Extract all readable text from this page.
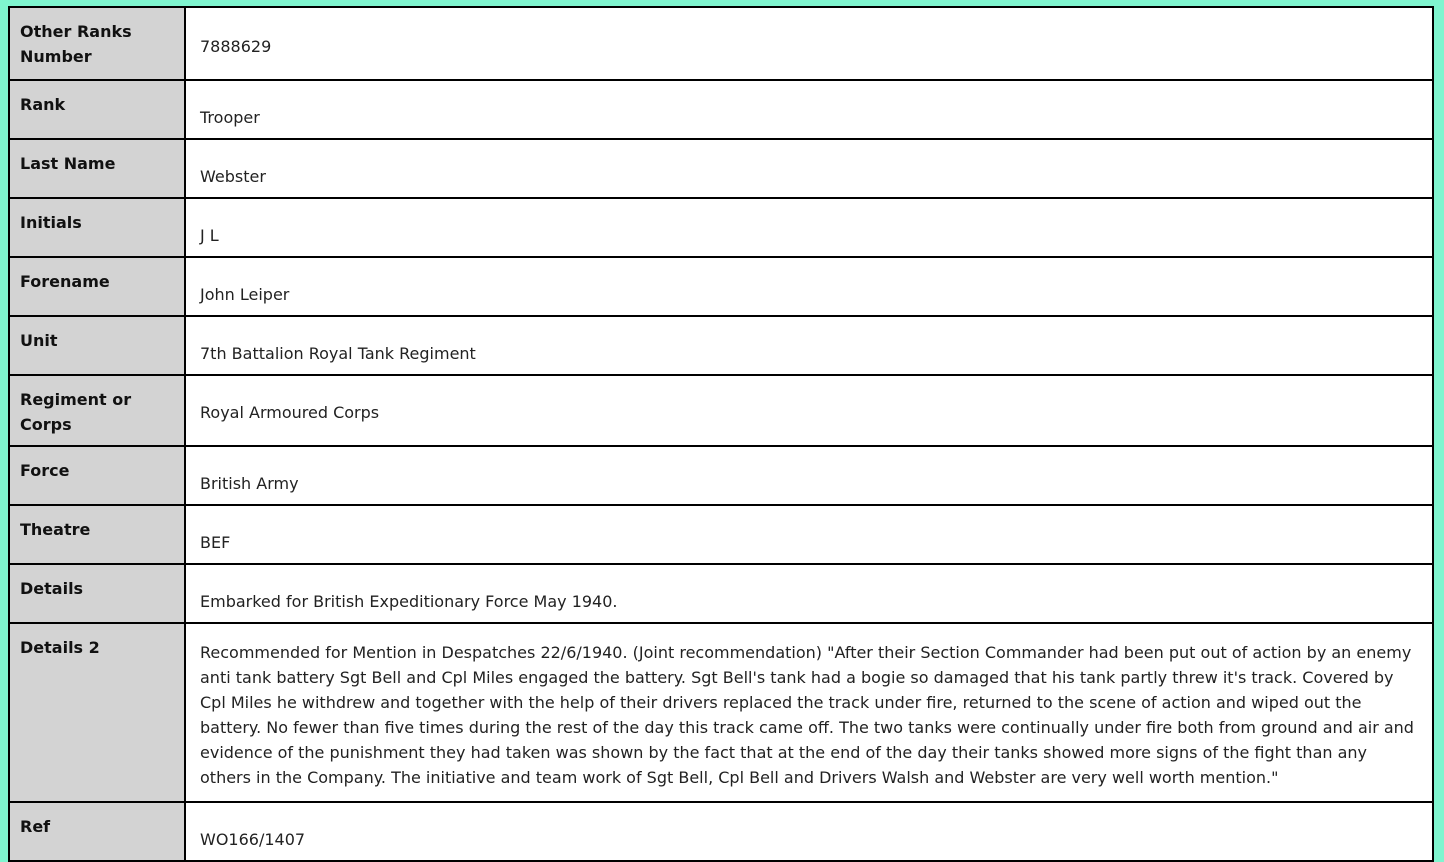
Other Ranks Number	7888629
Rank	Trooper
Last Name	Webster
Initials	J L
Forename	John Leiper
Unit	7th Battalion Royal Tank Regiment
Regiment or Corps	Royal Armoured Corps
Force	British Army
Theatre	BEF
Details	Embarked for British Expeditionary Force May 1940.
Details 2	Recommended for Mention in Despatches 22/6/1940. (Joint recommendation) "After their Section Commander had been put out of action by an enemy anti tank battery Sgt Bell and Cpl Miles engaged the battery. Sgt Bell's tank had a bogie so damaged that his tank partly threw it's track. Covered by Cpl Miles he withdrew and together with the help of their drivers replaced the track under fire, returned to the scene of action and wiped out the battery. No fewer than five times during the rest of the day this track came off. The two tanks were continually under fire both from ground and air and evidence of the punishment they had taken was shown by the fact that at the end of the day their tanks showed more signs of the fight than any others in the Company. The initiative and team work of Sgt Bell, Cpl Bell and Drivers Walsh and Webster are very well worth mention."
Ref	WO166/1407
